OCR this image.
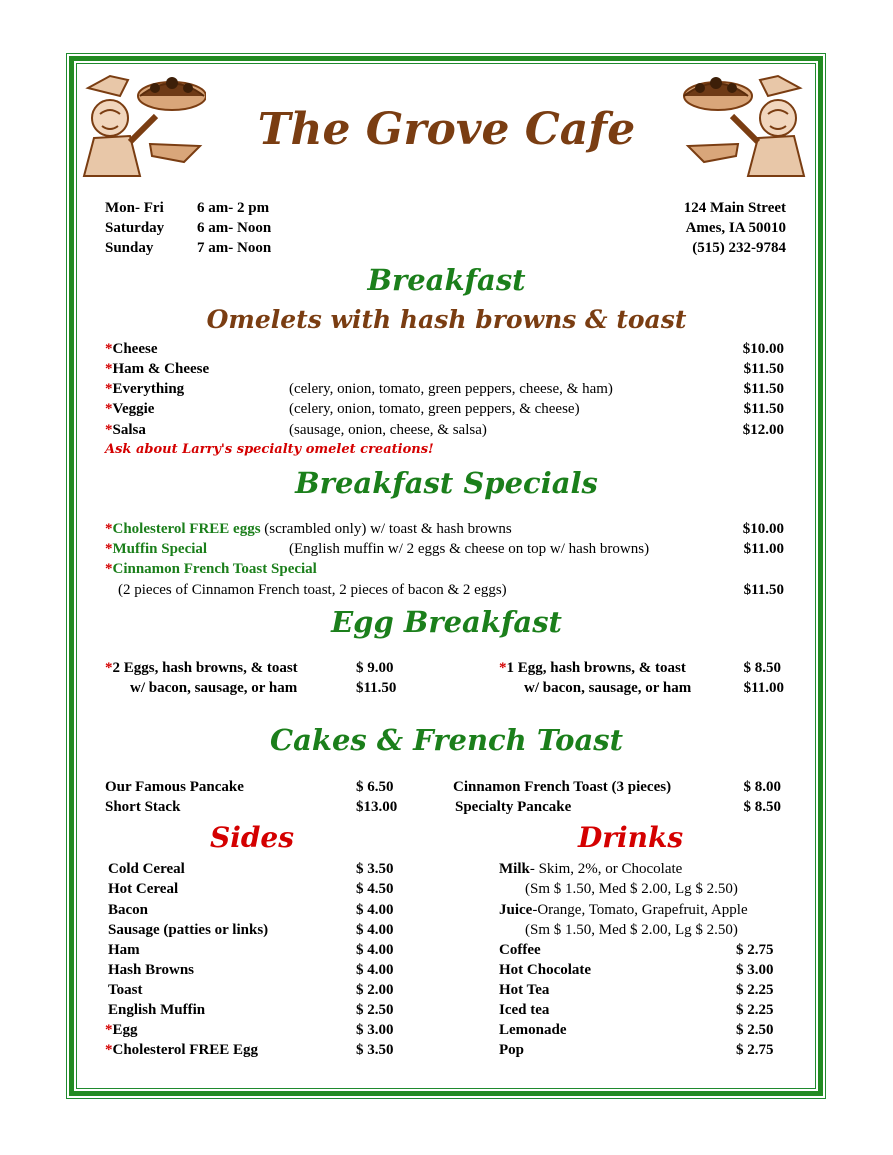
The Grove Cafe
Mon- Fri 6 am- 2 pm
Saturday 6 am- Noon
Sunday	7 am- Noon
124 Main Street
Ames, IA 50010
(515) 232-9784
Breakfast
Omelets with hash browns & toast
*Cheese	$10.00
*Ham & Cheese	$11.50
*Everything	(celery, onion, tomato, green peppers, cheese, & ham)	$11.50
*Veggie	(celery, onion, tomato, green peppers, & cheese)	$11.50
*Salsa	(sausage, onion, cheese, & salsa)	$12.00
Ask about Larry's specialty omelet creations!
Breakfast Specials
*Cholesterol FREE eggs (scrambled only) w/ toast & hash browns	$10.00
*Muffin Special	(English muffin w/ 2 eggs & cheese on top w/ hash browns)	$11.00
*Cinnamon French Toast Special
(2 pieces of Cinnamon French toast, 2 pieces of bacon & 2 eggs)	$11.50
Egg Breakfast
*2 Eggs, hash browns, & toast	$ 9.00
w/ bacon, sausage, or ham	$11.50
*1 Egg, hash browns, & toast	$ 8.50
w/ bacon, sausage, or ham	$11.00
Cakes & French Toast
Our Famous Pancake	$ 6.50
Short Stack	$13.00
Cinnamon French Toast (3 pieces)	$ 8.00
Specialty Pancake	$ 8.50
Sides
Cold Cereal	$ 3.50
Hot Cereal	$ 4.50
Bacon	$ 4.00
Sausage (patties or links)	$ 4.00
Ham	$ 4.00
Hash Browns	$ 4.00
Toast	$ 2.00
English Muffin	$ 2.50
*Egg	$ 3.00
*Cholesterol FREE Egg	$ 3.50
Drinks
Milk- Skim, 2%, or Chocolate
(Sm $ 1.50, Med $ 2.00, Lg $ 2.50)
Juice-Orange, Tomato, Grapefruit, Apple
(Sm $ 1.50, Med $ 2.00, Lg $ 2.50)
Coffee	$ 2.75
Hot Chocolate	$ 3.00
Hot Tea	$ 2.25
Iced tea	$ 2.25
Lemonade	$ 2.50
Pop	$ 2.75
